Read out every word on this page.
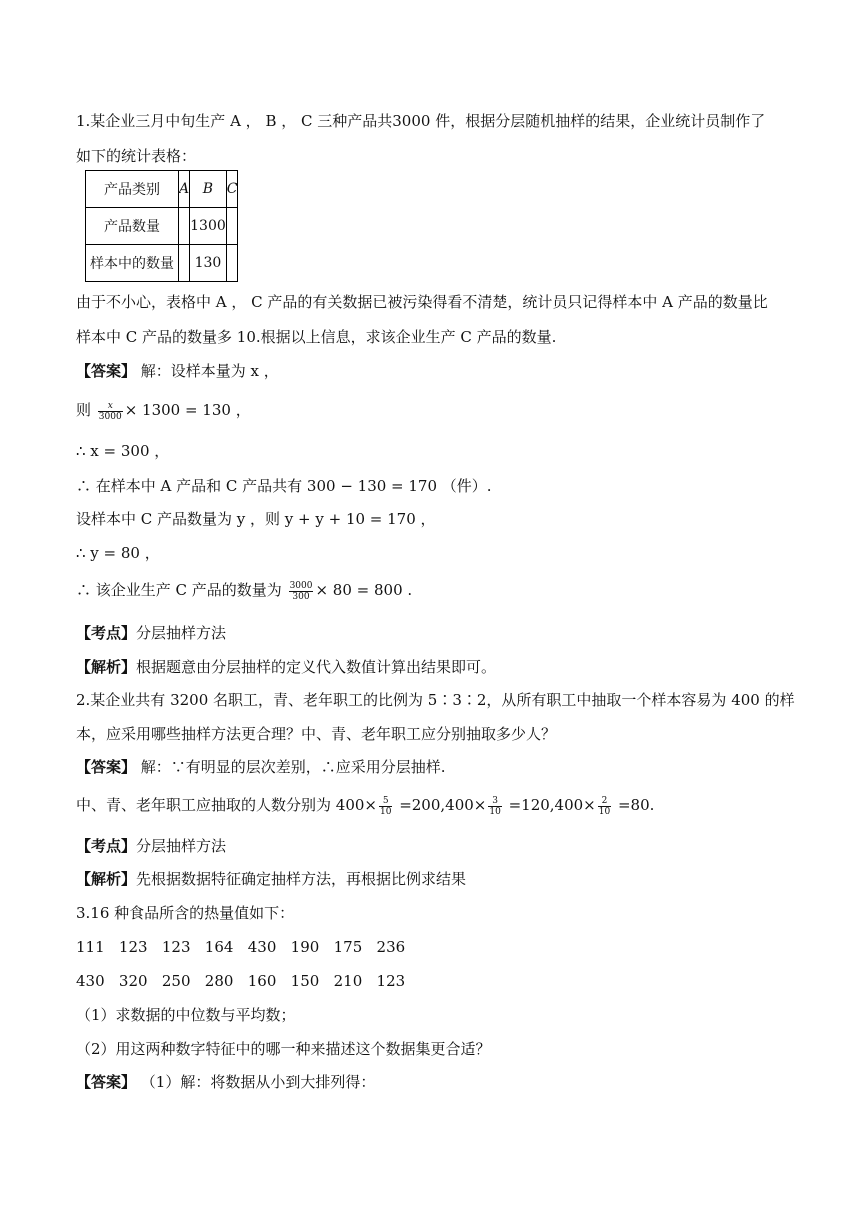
1.某企业三月中旬生产 A ， B ， C 三种产品共3000 件，根据分层随机抽样的结果，企业统计员制作了
如下的统计表格：
产品类别	A	B	C
产品数量		1300	
样本中的数量		130	
由于不小心，表格中 A ， C 产品的有关数据已被污染得看不清楚，统计员只记得样本中 A 产品的数量比
样本中 C 产品的数量多 10.根据以上信息，求该企业生产 C 产品的数量.
【答案】 解：设样本量为 x ，
则 $\frac{x}{3000} \times 1300 = 130$ ，
∴ x = 300 ，
∴ 在样本中 A 产品和 C 产品共有 300 − 130 = 170 （件）.
设样本中 C 产品数量为 y ，则 y + y + 10 = 170 ，
∴ y = 80 ，
∴ 该企业生产 C 产品的数量为 $\frac{3000}{300} \times 80 = 800$ .
【考点】分层抽样方法
【解析】根据题意由分层抽样的定义代入数值计算出结果即可。
2.某企业共有 3200 名职工，青、老年职工的比例为 5∶3∶2，从所有职工中抽取一个样本容易为 400 的样
本，应采用哪些抽样方法更合理？中、青、老年职工应分别抽取多少人？
【答案】 解：∵有明显的层次差别，∴应采用分层抽样.
中、青、老年职工应抽取的人数分别为 $400\times \frac{5}{10} =200,400\times \frac{3}{10} =120,400\times \frac{2}{10} =80$.
【考点】分层抽样方法
【解析】先根据数据特征确定抽样方法，再根据比例求结果
3.16 种食品所含的热量值如下：
111   123   123   164   430   190   175   236
430   320   250   280   160   150   210   123
（1）求数据的中位数与平均数；
（2）用这两种数字特征中的哪一种来描述这个数据集更合适？
【答案】 （1）解：将数据从小到大排列得：
